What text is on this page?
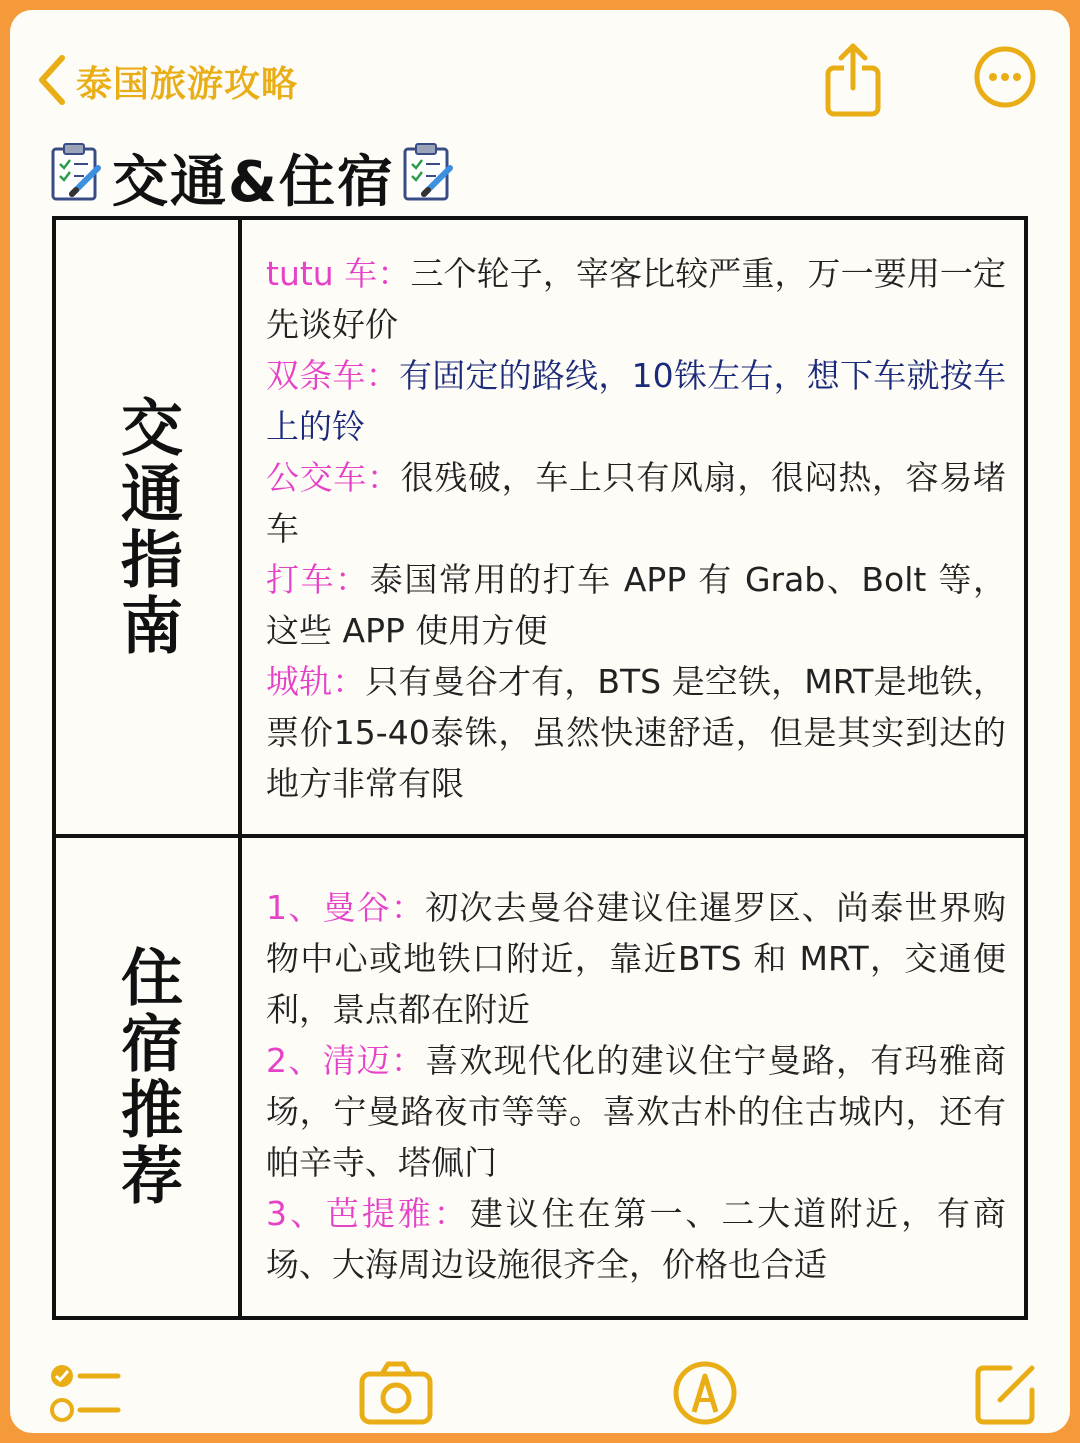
泰国旅游攻略
交通&住宿
交通指南
tutu 车：三个轮子，宰客比较严重，万一要用一定先谈好价
双条车：有固定的路线，10铢左右，想下车就按车上的铃
公交车：很残破，车上只有风扇，很闷热，容易堵车
打车：泰国常用的打车 APP 有 Grab、Bolt 等，这些 APP 使用方便
城轨：只有曼谷才有，BTS 是空铁，MRT是地铁，票价15-40泰铢，虽然快速舒适，但是其实到达的地方非常有限
住宿推荐
1、曼谷：初次去曼谷建议住暹罗区、尚泰世界购物中心或地铁口附近，靠近BTS 和 MRT，交通便利，景点都在附近
2、清迈：喜欢现代化的建议住宁曼路，有玛雅商场，宁曼路夜市等等。喜欢古朴的住古城内，还有帕辛寺、塔佩门
3、芭提雅：建议住在第一、二大道附近，有商场、大海周边设施很齐全，价格也合适
